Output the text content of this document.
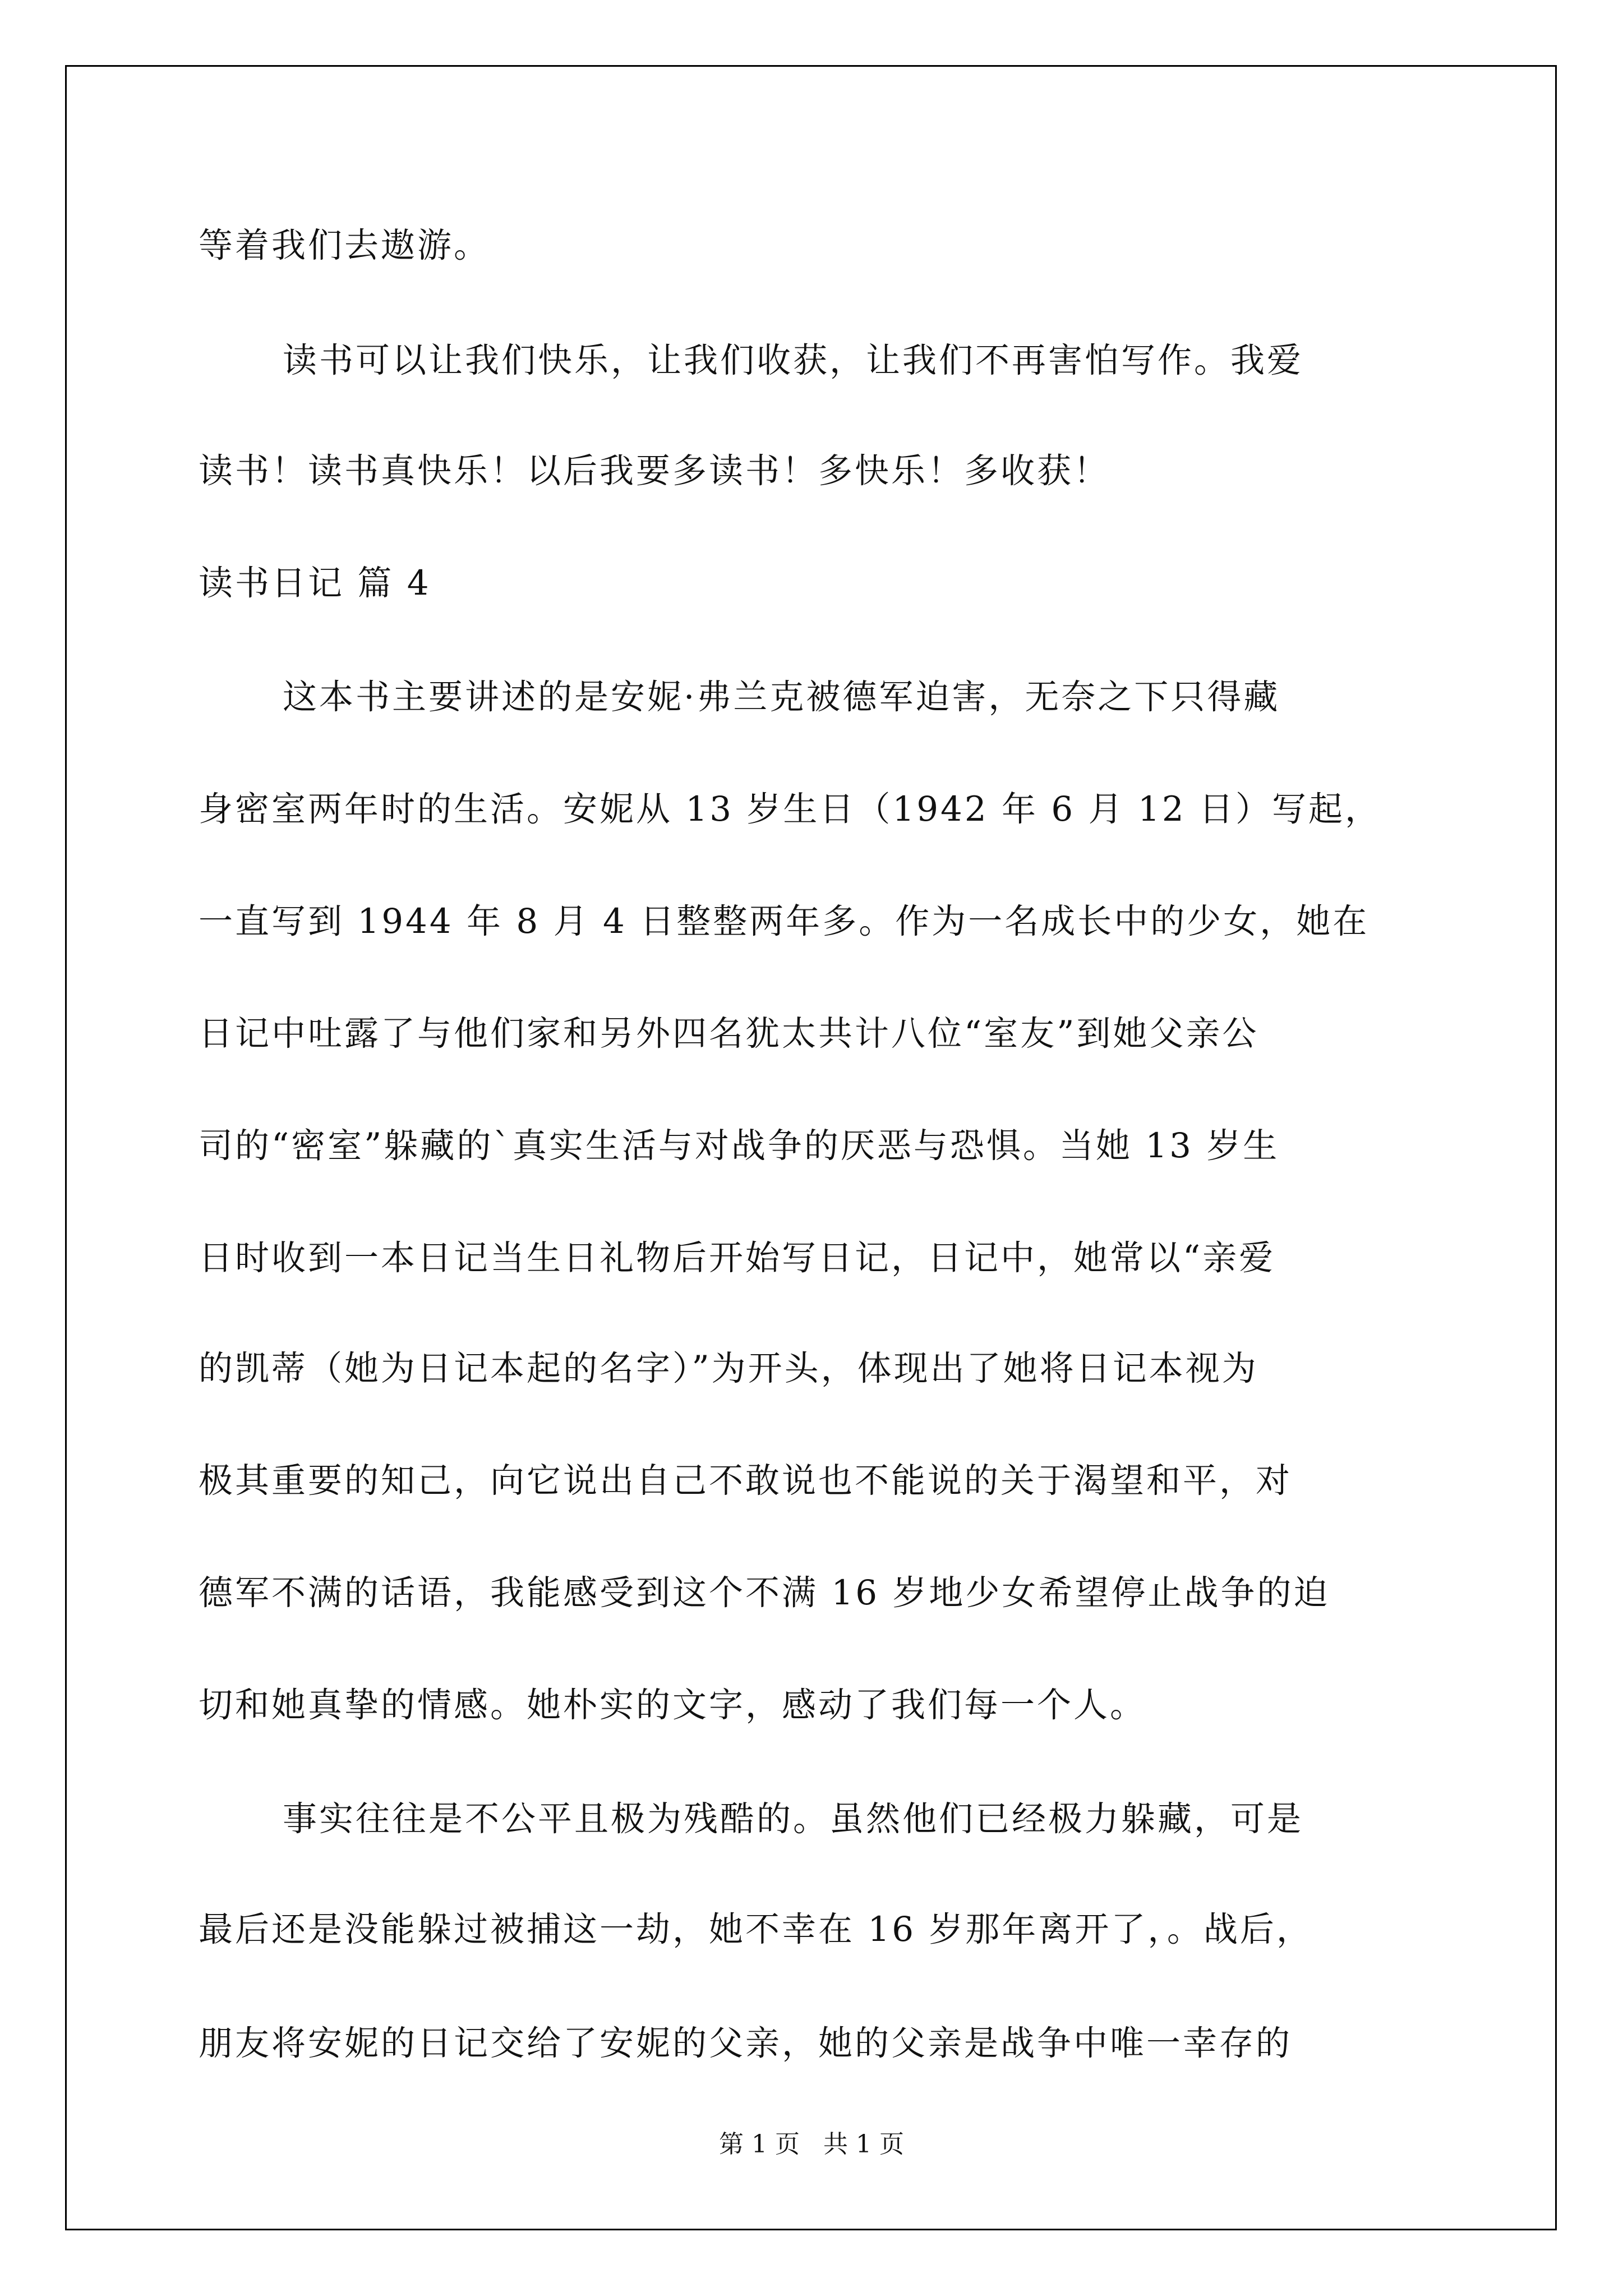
等着我们去遨游。
读书可以让我们快乐，让我们收获，让我们不再害怕写作。我爱
读书！读书真快乐！以后我要多读书！多快乐！多收获！
读书日记 篇 4
这本书主要讲述的是安妮·弗兰克被德军迫害，无奈之下只得藏
身密室两年时的生活。安妮从 13 岁生日（1942 年 6 月 12 日）写起，
一直写到 1944 年 8 月 4 日整整两年多。作为一名成长中的少女，她在
日记中吐露了与他们家和另外四名犹太共计八位“室友”到她父亲公
司的“密室”躲藏的`真实生活与对战争的厌恶与恐惧。当她 13 岁生
日时收到一本日记当生日礼物后开始写日记，日记中，她常以“亲爱
的凯蒂（她为日记本起的名字）”为开头，体现出了她将日记本视为
极其重要的知己，向它说出自己不敢说也不能说的关于渴望和平，对
德军不满的话语，我能感受到这个不满 16 岁地少女希望停止战争的迫
切和她真挚的情感。她朴实的文字，感动了我们每一个人。
事实往往是不公平且极为残酷的。虽然他们已经极力躲藏，可是
最后还是没能躲过被捕这一劫，她不幸在 16 岁那年离开了，。战后，
朋友将安妮的日记交给了安妮的父亲，她的父亲是战争中唯一幸存的
第 1 页   共 1 页
